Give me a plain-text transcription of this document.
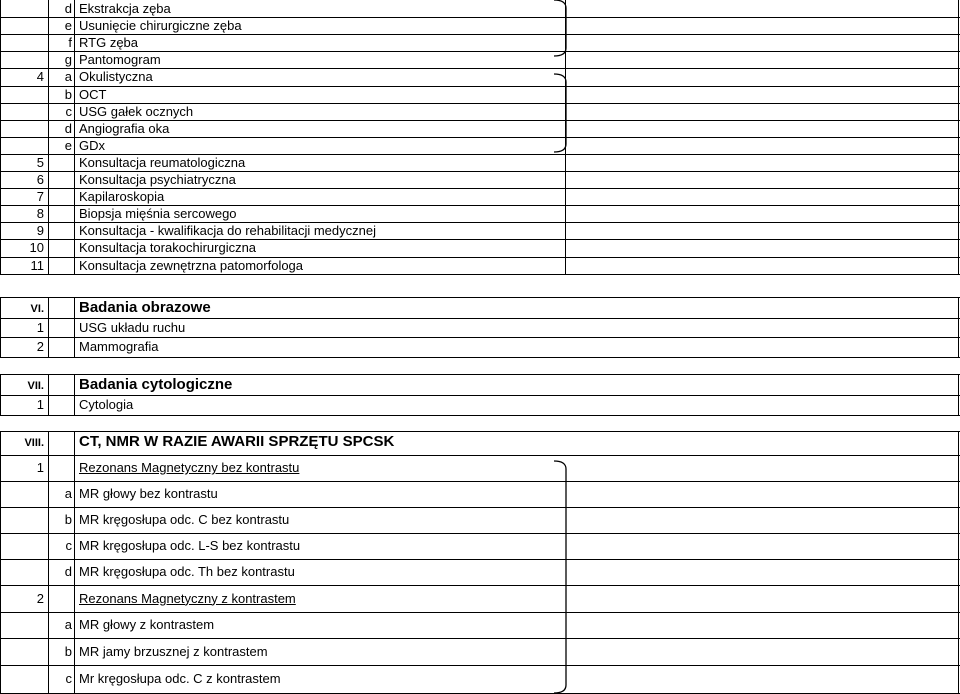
d Ekstrakcja zęba
e Usunięcie chirurgiczne zęba
f RTG zęba
g Pantomogram
4	a Okulistyczna
b OCT
c USG gałek ocznych
d Angiografia oka
e GDx
5	Konsultacja reumatologiczna
6	Konsultacja psychiatryczna
7	Kapilaroskopia
8	Biopsja mięśnia sercowego
9	Konsultacja - kwalifikacja do rehabilitacji medycznej
10	Konsultacja torakochirurgiczna
11	Konsultacja zewnętrzna patomorfologa
VI. Badania obrazowe
1	USG układu ruchu
2	Mammografia
VII. Badania cytologiczne
1	Cytologia
VIII. CT, NMR W RAZIE AWARII SPRZĘTU SPCSK
1	Rezonans Magnetyczny bez kontrastu
a MR głowy bez kontrastu
b MR kręgosłupa odc. C bez kontrastu
c MR kręgosłupa odc. L-S bez kontrastu
d MR kręgosłupa odc. Th bez kontrastu
2	Rezonans Magnetyczny z kontrastem
a MR głowy z kontrastem
b MR jamy brzusznej z kontrastem
c Mr kręgosłupa odc. C z kontrastem
